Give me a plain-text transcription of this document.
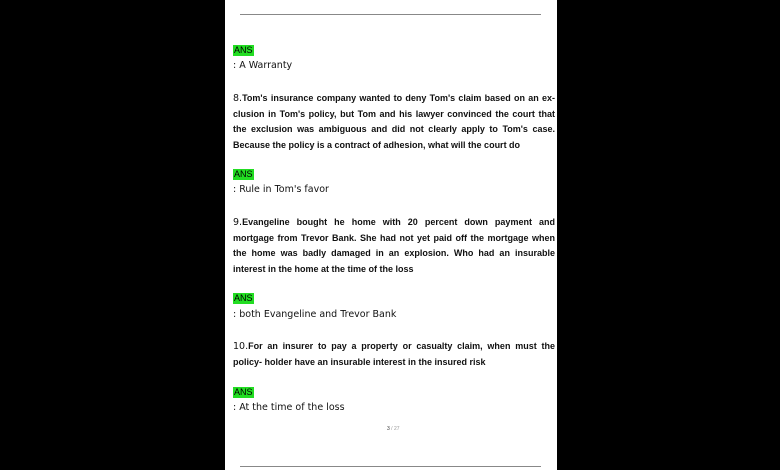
ANS
: A Warranty
8.Tom's insurance company wanted to deny Tom's claim based on an ex- clusion in Tom's policy, but Tom and his lawyer convinced the court that the exclusion was ambiguous and did not clearly apply to Tom's case. Because the policy is a contract of adhesion, what will the court do
ANS
: Rule in Tom's favor
9.Evangeline bought he home with 20 percent down payment and mortgage from Trevor Bank. She had not yet paid off the mortgage when the home was badly damaged in an explosion. Who had an insurable interest in the home at the time of the loss
ANS
: both Evangeline and Trevor Bank
10.For an insurer to pay a property or casualty claim, when must the policy- holder have an insurable interest in the insured risk
ANS
: At the time of the loss
3 / 27
